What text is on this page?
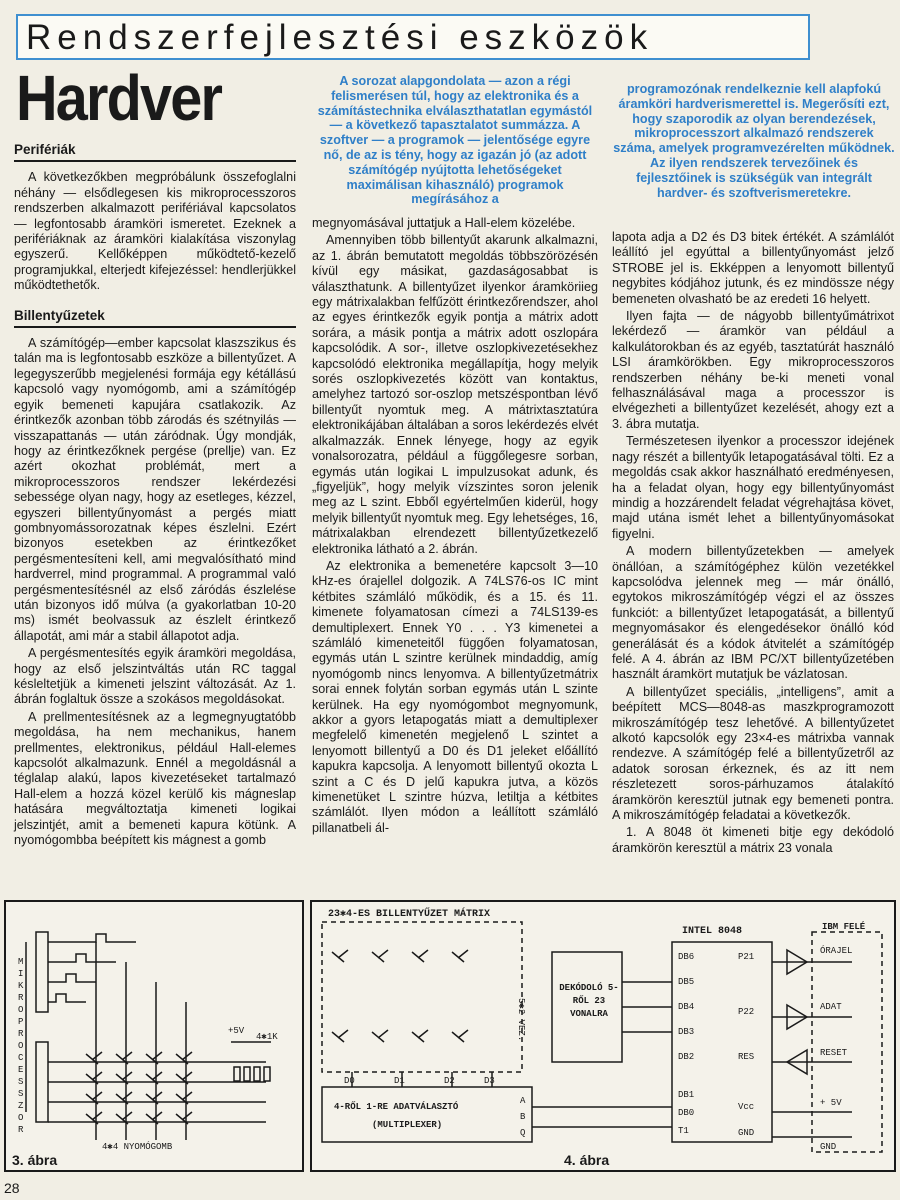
Rendszerfejlesztési eszközök
Hardver	A sorozat alapgondolata — azon a régi felismerésen túl, hogy az elektronika és a számítástechnika elválaszthatatlan egymástól — a következő tapasztalatot summázza. A szoftver — a programok — jelentősége egyre nő, de az is tény, hogy az igazán jó (az adott számítógép nyújtotta lehetőségeket maximálisan kihasználó) programok megírásához a
programozónak rendelkeznie kell alapfokú áramköri hardverismerettel is. Megerősíti ezt, hogy szaporodik az olyan berendezések, mikroprocesszort alkalmazó rendszerek száma, amelyek programvezérelten működnek. Az ilyen rendszerek tervezőinek és fejlesztőinek is szükségük van integrált hardver- és szoftverismeretekre.
Perifériák

A következőkben megpróbálunk összefoglalni néhány — elsődlegesen kis mikroprocesszoros rendszerben alkalmazott perifériával kapcsolatos — legfontosabb áramköri ismeretet. Ezeknek a perifériáknak az áramköri kialakítása viszonylag egyszerű. Kellőképpen működtető-kezelő programjukkal, elterjedt kifejezéssel: hendlerjükkel működtethetők.

Billentyűzetek

A számítógép—ember kapcsolat klaszszikus és talán ma is legfontosabb eszköze a billentyűzet. A legegyszerűbb megjelenési formája egy kétállású kapcsoló vagy nyomógomb, ami a számítógép egyik bemeneti kapujára csatlakozik. Az érintkezők azonban több zárodás és szétnyilás — visszapattanás — után záródnak. Úgy mondják, hogy az érintkezőknek pergése (prellje) van. Ez azért okozhat problémát, mert a mikroprocesszoros rendszer lekérdezési sebessége olyan nagy, hogy az esetleges, kézzel, egyszeri billentyűnyomást a pergés miatt gombnyomássorozatnak képes észlelni. Ezért bizonyos esetekben az érintkezőket pergésmentesíteni kell, ami megvalósítható mind hardverrel, mind programmal. A programmal való pergésmentesítésnél az első záródás észlelése után bizonyos idő múlva (a gyakorlatban 10-20 ms) ismét beolvassuk az észlelt érintkező állapotát, ami már a stabil állapotot adja.

A pergésmentesítés egyik áramköri megoldása, hogy az első jelszintváltás után RC taggal késleltetjük a kimeneti jelszint változását. Az 1. ábrán foglaltuk össze a szokásos megoldásokat.

A prellmentesítésnek az a legmegnyugtatóbb megoldása, ha nem mechanikus, hanem prellmentes, elektronikus, például Hall-elemes kapcsolót alkalmazunk. Ennél a megoldásnál a téglalap alakú, lapos kivezetéseket tartalmazó Hall-elem a hozzá közel kerülő kis mágneslap hatására megváltoztatja kimeneti logikai jelszintjét, amit a bemeneti kapura kötünk. A nyomógombba beépített kis mágnest a gomb

megnyomásával juttatjuk a Hall-elem közelébe.

Amennyiben több billentyűt akarunk alkalmazni, az 1. ábrán bemutatott megoldás többszörözésén kívül egy másikat, gazdaságosabbat is választhatunk. A billentyűzet ilyenkor áramköriieg egy mátrixalakban felfűzött érintkezőrendszer, ahol az egyes érintkezők egyik pontja a mátrix adott sorára, a másik pontja a mátrix adott oszlopára kapcsolódik. A sor-, illetve oszlopkivezetésekhez kapcsolódó elektronika megállapítja, hogy melyik sorés oszlopkivezetés között van kontaktus, amelyhez tartozó sor-oszlop metszéspontban lévő billentyűt nyomtuk meg. A mátrixtasztatúra elektronikájában általában a soros lekérdezés elvét alkalmazzák. Ennek lényege, hogy az egyik vonalsorozatra, például a függőlegesre sorban, egymás után logikai L impulzusokat adunk, és „figyeljük”, hogy melyik vízszintes soron jelenik meg az L szint. Ebből egyértelműen kiderül, hogy melyik billentyűt nyomtuk meg. Egy lehetséges, 16, mátrixalakban elrendezett billentyűzetkezelő elektronika látható a 2. ábrán.

Az elektronika a bemenetére kapcsolt 3—10 kHz-es órajellel dolgozik. A 74LS76-os IC mint kétbites számláló működik, és a 15. és 11. kimenete folyamatosan címezi a 74LS139-es demultiplexert. Ennek Y0 . . . Y3 kimenetei a számláló kimeneteitől függően folyamatosan, egymás után L szintre kerülnek mindaddig, amíg nyomógomb nincs lenyomva. A billentyűzetmátrix sorai ennek folytán sorban egymás után L szinte kerülnek. Ha egy nyomógombot megnyomunk, akkor a gyors letapogatás miatt a demultiplexer megfelelő kimenetén megjelenő L szintet a lenyomott billentyű a D0 és D1 jeleket előállító kapukra kapcsolja. A lenyomott billentyű okozta L szint a C és D jelű kapukra jutva, a közös kimenetüket L szintre húzva, letiltja a kétbites számlálót. Ilyen módon a leállított számláló pillanatbeli ál-

lapota adja a D2 és D3 bitek értékét. A számlálót leállító jel egyúttal a billentyűnyomást jelző STROBE jel is. Ekképpen a lenyomott billentyű negybites kódjához jutunk, és ez mindössze négy bemeneten olvasható be az eredeti 16 helyett.

Ilyen fajta — de nágyobb billentyűmátrixot lekérdező — áramkör van például a kalkulátorokban és az egyéb, tasztatúrát használó LSI áramkörökben. Egy mikroprocesszoros rendszerben néhány be-ki meneti vonal felhasználásával maga a processzor is elvégezheti a billentyűzet kezelését, ahogy ezt a 3. ábra mutatja.

Természetesen ilyenkor a processzor idejének nagy részét a billentyűk letapogatásával tölti. Ez a megoldás csak akkor használható eredményesen, ha a feladat olyan, hogy egy billentyűnyomást mindig a hozzárendelt feladat végrehajtása követ, majd utána ismét lehet a billentyűnyomásokat figyelni.

A modern billentyűzetekben — amelyek önállóan, a számítógéphez külön vezetékkel kapcsolódva jelennek meg — már önálló, egytokos mikroszámítógép végzi el az összes funkciót: a billentyűzet letapogatását, a billentyű megnyomásakor és elengedésekor önálló kód generálását és a kódok átvitelét a számítógép felé. A 4. ábrán az IBM PC/XT billentyűzetében használt áramkört mutatjuk be vázlatosan.

A billentyűzet speciális, „intelligens”, amit a beépített MCS—8048-as maszkprogramozott mikroszámítógép tesz lehetővé. A billentyűzetet alkotó kapcsolók egy 23×4-es mátrixba vannak rendezve. A számítógép felé a billentyűzetről az adatok sorosan érkeznek, és az itt nem részletezett soros-párhuzamos átalakító áramkörön keresztül jutnak egy bemeneti pontra. A mikroszámítógép feladatai a következők.

1. A 8048 öt kimeneti bitje egy dekódoló áramkörön keresztül a mátrix 23 vonala

MIKROPROCESSZOR
+5V
4✱1K
4✱4 NYOMÓGOMB
3. ábra
23✱4-ES BILLENTYŰZET MÁTRIX
5✱2 VEZ.
DEKÓDOLÓ 5-RŐL 23 VONALRA
INTEL 8048	IBM FELÉ
4-RŐL 1-RE ADATVÁLASZTÓ
(MULTIPLEXER)
D0	D1	D2	D3
A
B
Q
DB6
DB5
DB4
DB3
DB2
DB1
DB0
T1
P21
P22
RES
Vcc
GND
ÓRAJEL
ADAT
RESET
+ 5V
GND
4. ábra
28
